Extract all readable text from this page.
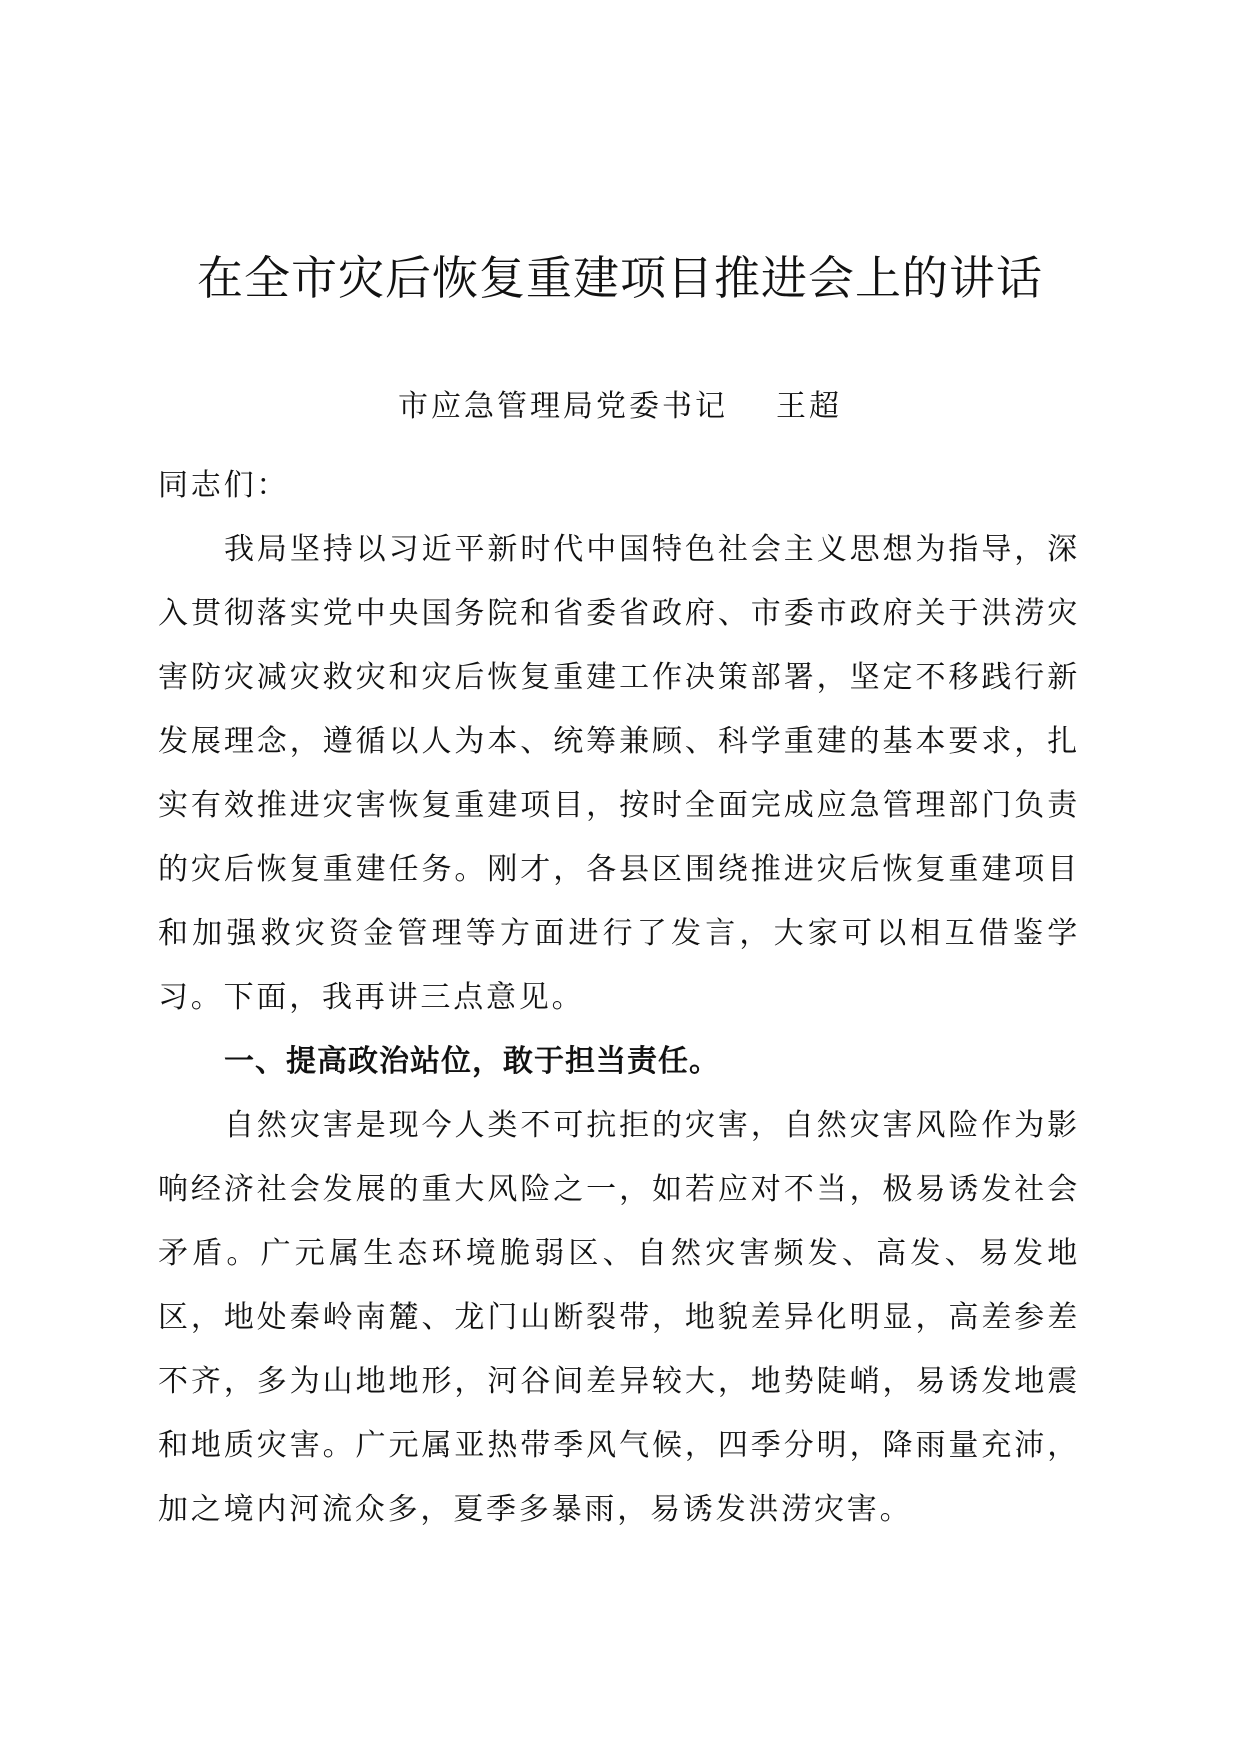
在全市灾后恢复重建项目推进会上的讲话
市应急管理局党委书记 王超

同志们：

我局坚持以习近平新时代中国特色社会主义思想为指导，深入贯彻落实党中央国务院和省委省政府、市委市政府关于洪涝灾害防灾减灾救灾和灾后恢复重建工作决策部署，坚定不移践行新发展理念，遵循以人为本、统筹兼顾、科学重建的基本要求，扎实有效推进灾害恢复重建项目，按时全面完成应急管理部门负责的灾后恢复重建任务。刚才，各县区围绕推进灾后恢复重建项目和加强救灾资金管理等方面进行了发言，大家可以相互借鉴学习。下面，我再讲三点意见。

一、提高政治站位，敢于担当责任。

自然灾害是现今人类不可抗拒的灾害，自然灾害风险作为影响经济社会发展的重大风险之一，如若应对不当，极易诱发社会矛盾。广元属生态环境脆弱区、自然灾害频发、高发、易发地区，地处秦岭南麓、龙门山断裂带，地貌差异化明显，高差参差不齐，多为山地地形，河谷间差异较大，地势陡峭，易诱发地震和地质灾害。广元属亚热带季风气候，四季分明，降雨量充沛，加之境内河流众多，夏季多暴雨，易诱发洪涝灾害。
